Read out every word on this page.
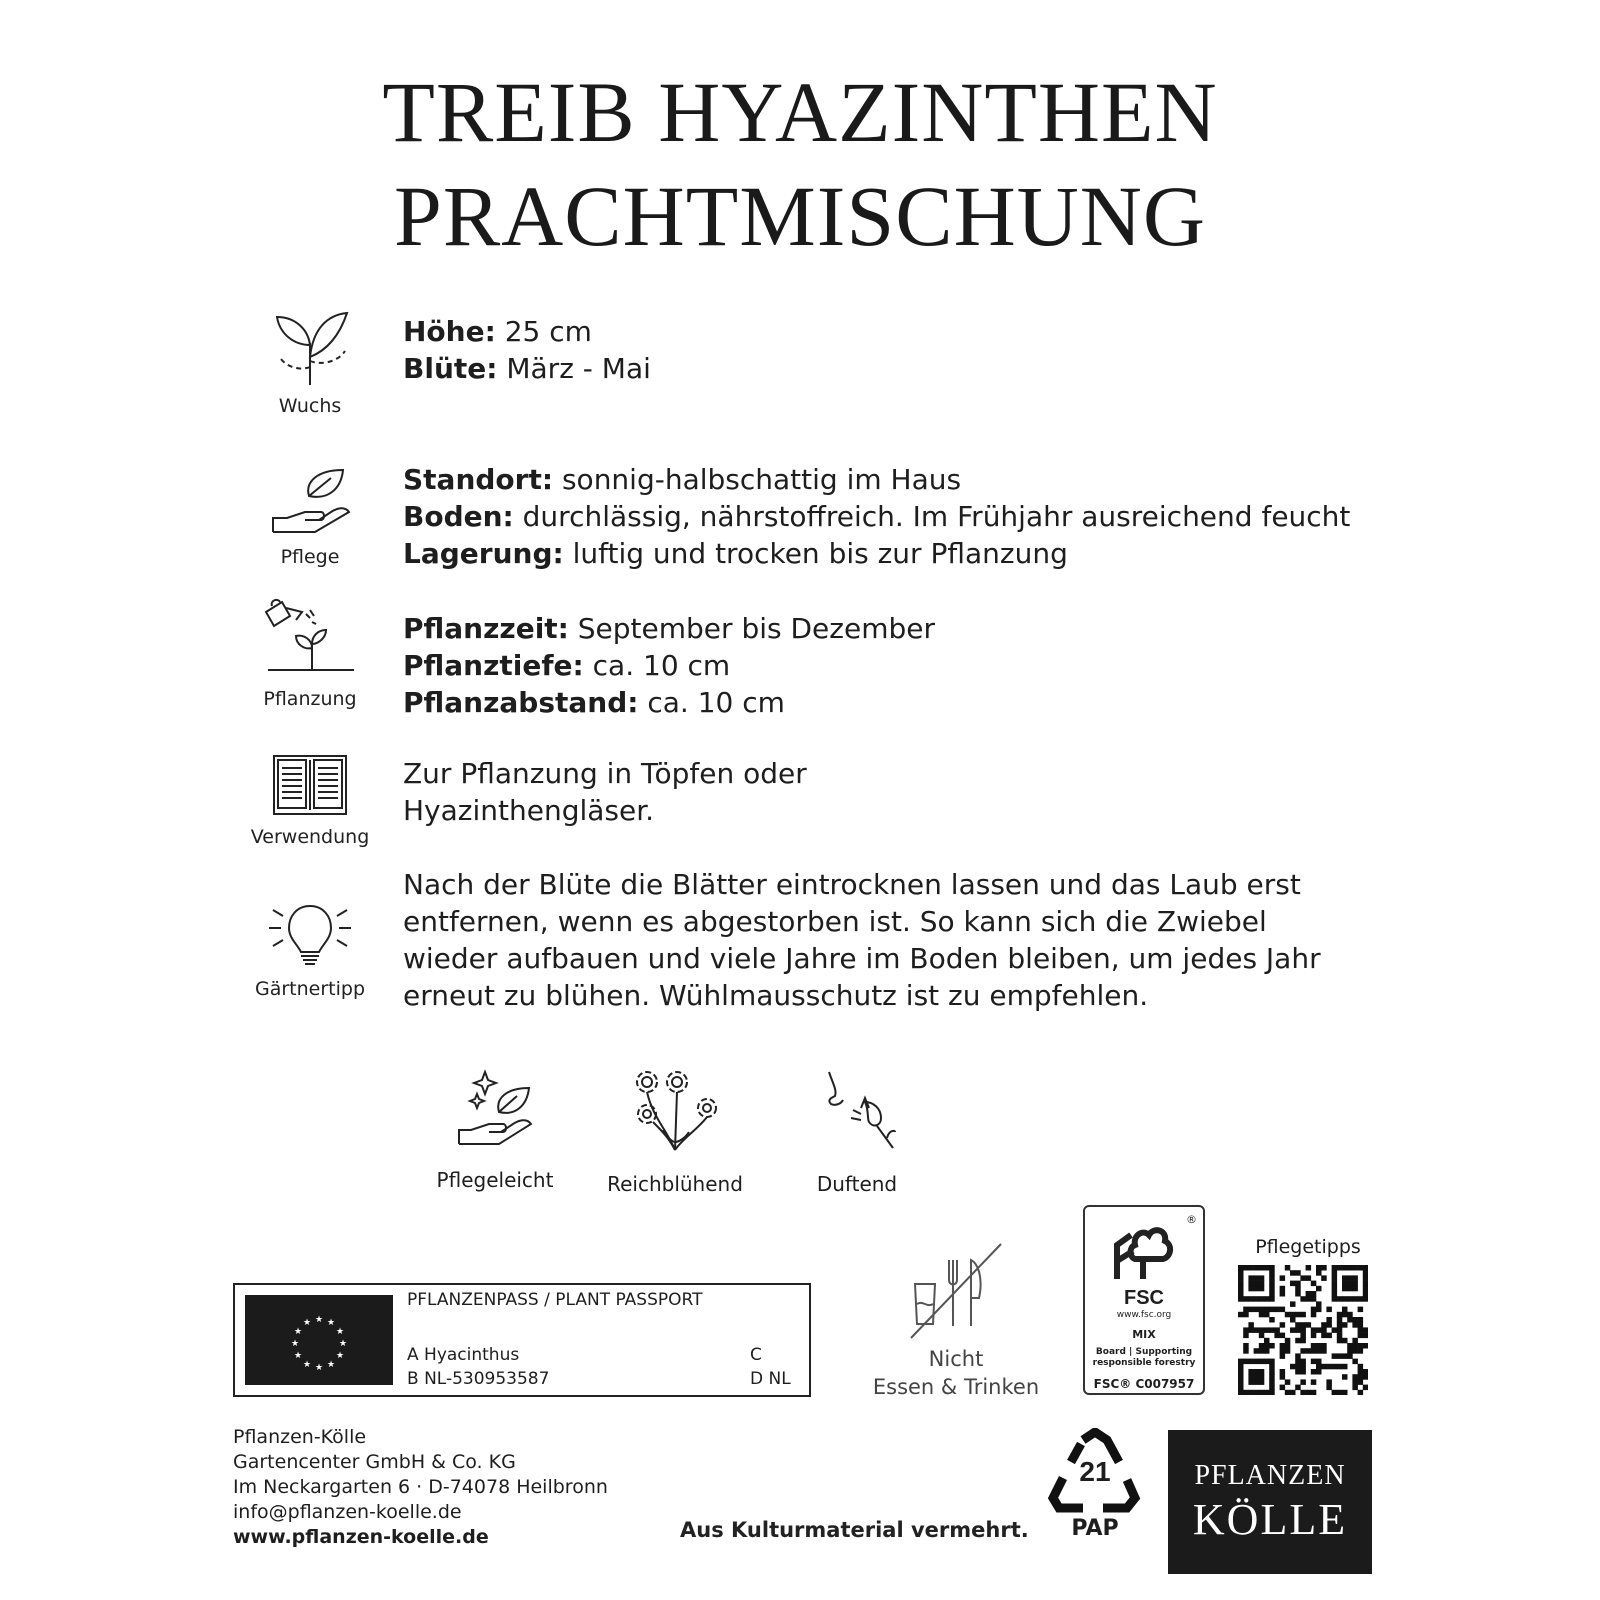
TREIB HYAZINTHEN
PRACHTMISCHUNG
Wuchs
Höhe: 25 cm
Blüte: März - Mai
Pflege
Standort: sonnig-halbschattig im Haus
Boden: durchlässig, nährstoffreich. Im Frühjahr ausreichend feucht
Lagerung: luftig und trocken bis zur Pflanzung
Pflanzung
Pflanzzeit: September bis Dezember
Pflanztiefe: ca. 10 cm
Pflanzabstand: ca. 10 cm
Verwendung
Zur Pflanzung in Töpfen oder
Hyazinthengläser.
Gärtnertipp
Nach der Blüte die Blätter eintrocknen lassen und das Laub erst
entfernen, wenn es abgestorben ist. So kann sich die Zwiebel
wieder aufbauen und viele Jahre im Boden bleiben, um jedes Jahr
erneut zu blühen. Wühlmausschutz ist zu empfehlen.
Pflegeleicht	Reichblühend	Duftend
★ ★
★
★
★
★
★
★
★
★
★
★
PFLANZENPASS / PLANT PASSPORT
A Hyacinthus
B NL-530953587
C
D NL
Nicht
Essen & Trinken
FSC
www.fsc.org
MIX
Board | Supporting
responsible forestry
FSC® C007957
®
Pflegetipps
Pflanzen-Kölle
Gartencenter GmbH & Co. KG
Im Neckargarten 6 · D-74078 Heilbronn
info@pflanzen-koelle.de
www.pflanzen-koelle.de	Aus Kulturmaterial vermehrt.
21
PAP
PFLANZEN
KÖLLE
